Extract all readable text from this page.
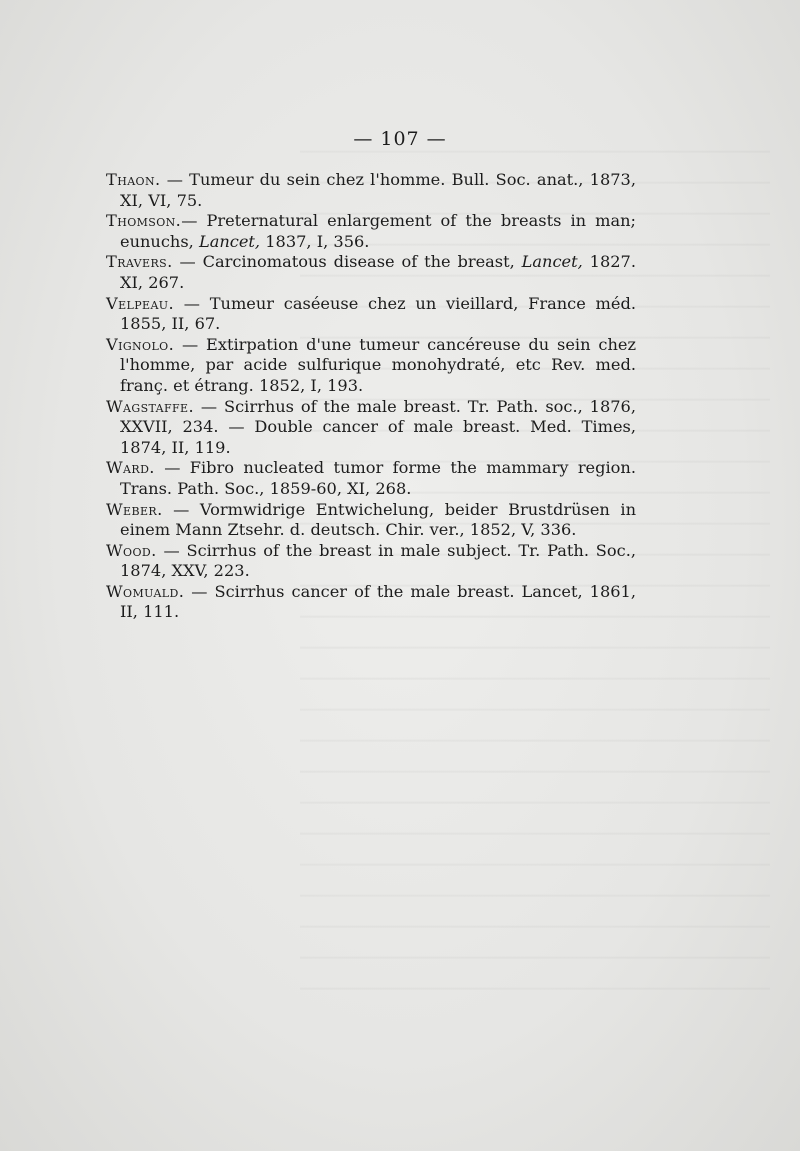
— 107 —

Thaon. — Tumeur du sein chez l'homme. Bull. Soc. anat., 1873, XI, VI, 75.

Thomson.— Preternatural enlargement of the breasts in man; eunuchs, Lancet, 1837, I, 356.

Travers. — Carcinomatous disease of the breast, Lancet, 1827. XI, 267.

Velpeau. — Tumeur caséeuse chez un vieillard, France méd. 1855, II, 67.

Vignolo. — Extirpation d'une tumeur cancéreuse du sein chez l'homme, par acide sulfurique monohydraté, etc Rev. med. franç. et étrang. 1852, I, 193.

Wagstaffe. — Scirrhus of the male breast. Tr. Path. soc., 1876, XXVII, 234. — Double cancer of male breast. Med. Times, 1874, II, 119.

Ward. — Fibro nucleated tumor forme the mammary region. Trans. Path. Soc., 1859-60, XI, 268.

Weber. — Vormwidrige Entwichelung, beider Brustdrüsen in einem Mann Ztsehr. d. deutsch. Chir. ver., 1852, V, 336.

Wood. — Scirrhus of the breast in male subject. Tr. Path. Soc., 1874, XXV, 223.

Womuald. — Scirrhus cancer of the male breast. Lancet, 1861, II, 111.
